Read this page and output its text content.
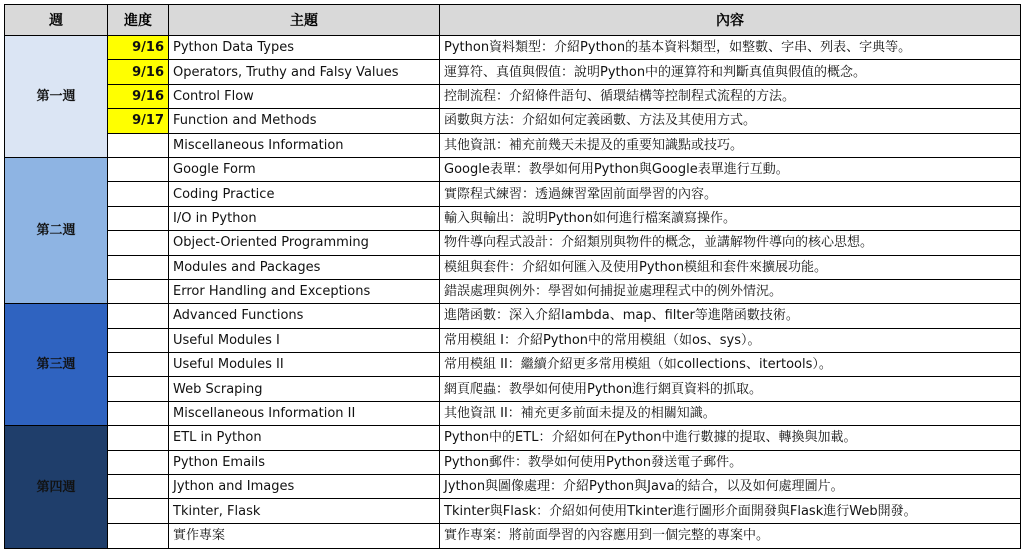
週	進度	主題	內容
第一週	9/16	Python Data Types	Python資料類型：介紹Python的基本資料類型，如整數、字串、列表、字典等。
	9/16	Operators, Truthy and Falsy Values	運算符、真值與假值：說明Python中的運算符和判斷真值與假值的概念。
	9/16	Control Flow	控制流程：介紹條件語句、循環結構等控制程式流程的方法。
	9/17	Function and Methods	函數與方法：介紹如何定義函數、方法及其使用方式。
		Miscellaneous Information	其他資訊：補充前幾天未提及的重要知識點或技巧。
第二週		Google Form	Google表單：教學如何用Python與Google表單進行互動。
		Coding Practice	實際程式練習：透過練習鞏固前面學習的內容。
		I/O in Python	輸入與輸出：說明Python如何進行檔案讀寫操作。
		Object-Oriented Programming	物件導向程式設計：介紹類別與物件的概念，並講解物件導向的核心思想。
		Modules and Packages	模組與套件：介紹如何匯入及使用Python模組和套件來擴展功能。
		Error Handling and Exceptions	錯誤處理與例外：學習如何捕捉並處理程式中的例外情況。
第三週		Advanced Functions	進階函數：深入介紹lambda、map、filter等進階函數技術。
		Useful Modules I	常用模組 I：介紹Python中的常用模組（如os、sys）。
		Useful Modules II	常用模組 II：繼續介紹更多常用模組（如collections、itertools）。
		Web Scraping	網頁爬蟲：教學如何使用Python進行網頁資料的抓取。
		Miscellaneous Information II	其他資訊 II：補充更多前面未提及的相關知識。
第四週		ETL in Python	Python中的ETL：介紹如何在Python中進行數據的提取、轉換與加載。
		Python Emails	Python郵件：教學如何使用Python發送電子郵件。
		Jython and Images	Jython與圖像處理：介紹Python與Java的結合，以及如何處理圖片。
		Tkinter, Flask	Tkinter與Flask：介紹如何使用Tkinter進行圖形介面開發與Flask進行Web開發。
		實作專案	實作專案：將前面學習的內容應用到一個完整的專案中。
